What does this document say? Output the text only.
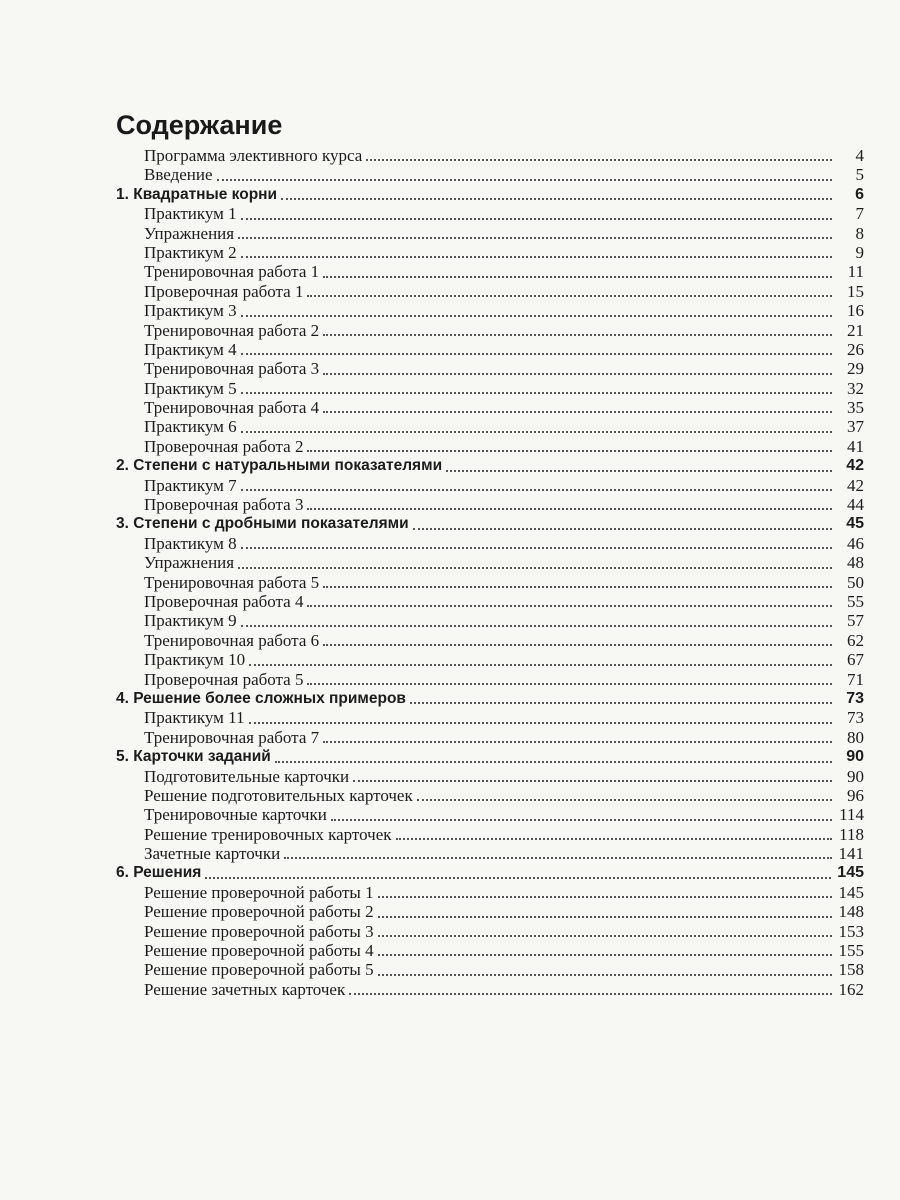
Содержание
Программа элективного курса	4
Введение	5
1. Квадратные корни	6
Практикум 1	7
Упражнения	8
Практикум 2	9
Тренировочная работа 1	11
Проверочная работа 1	15
Практикум 3	16
Тренировочная работа 2	21
Практикум 4	26
Тренировочная работа 3	29
Практикум 5	32
Тренировочная работа 4	35
Практикум 6	37
Проверочная работа 2	41
2. Степени с натуральными показателями	42
Практикум 7	42
Проверочная работа 3	44
3. Степени с дробными показателями	45
Практикум 8	46
Упражнения	48
Тренировочная работа 5	50
Проверочная работа 4	55
Практикум 9	57
Тренировочная работа 6	62
Практикум 10	67
Проверочная работа 5	71
4. Решение более сложных примеров	73
Практикум 11	73
Тренировочная работа 7	80
5. Карточки заданий	90
Подготовительные карточки	90
Решение подготовительных карточек	96
Тренировочные карточки	114
Решение тренировочных карточек	118
Зачетные карточки	141
6. Решения	145
Решение проверочной работы 1	145
Решение проверочной работы 2	148
Решение проверочной работы 3	153
Решение проверочной работы 4	155
Решение проверочной работы 5	158
Решение зачетных карточек	162
